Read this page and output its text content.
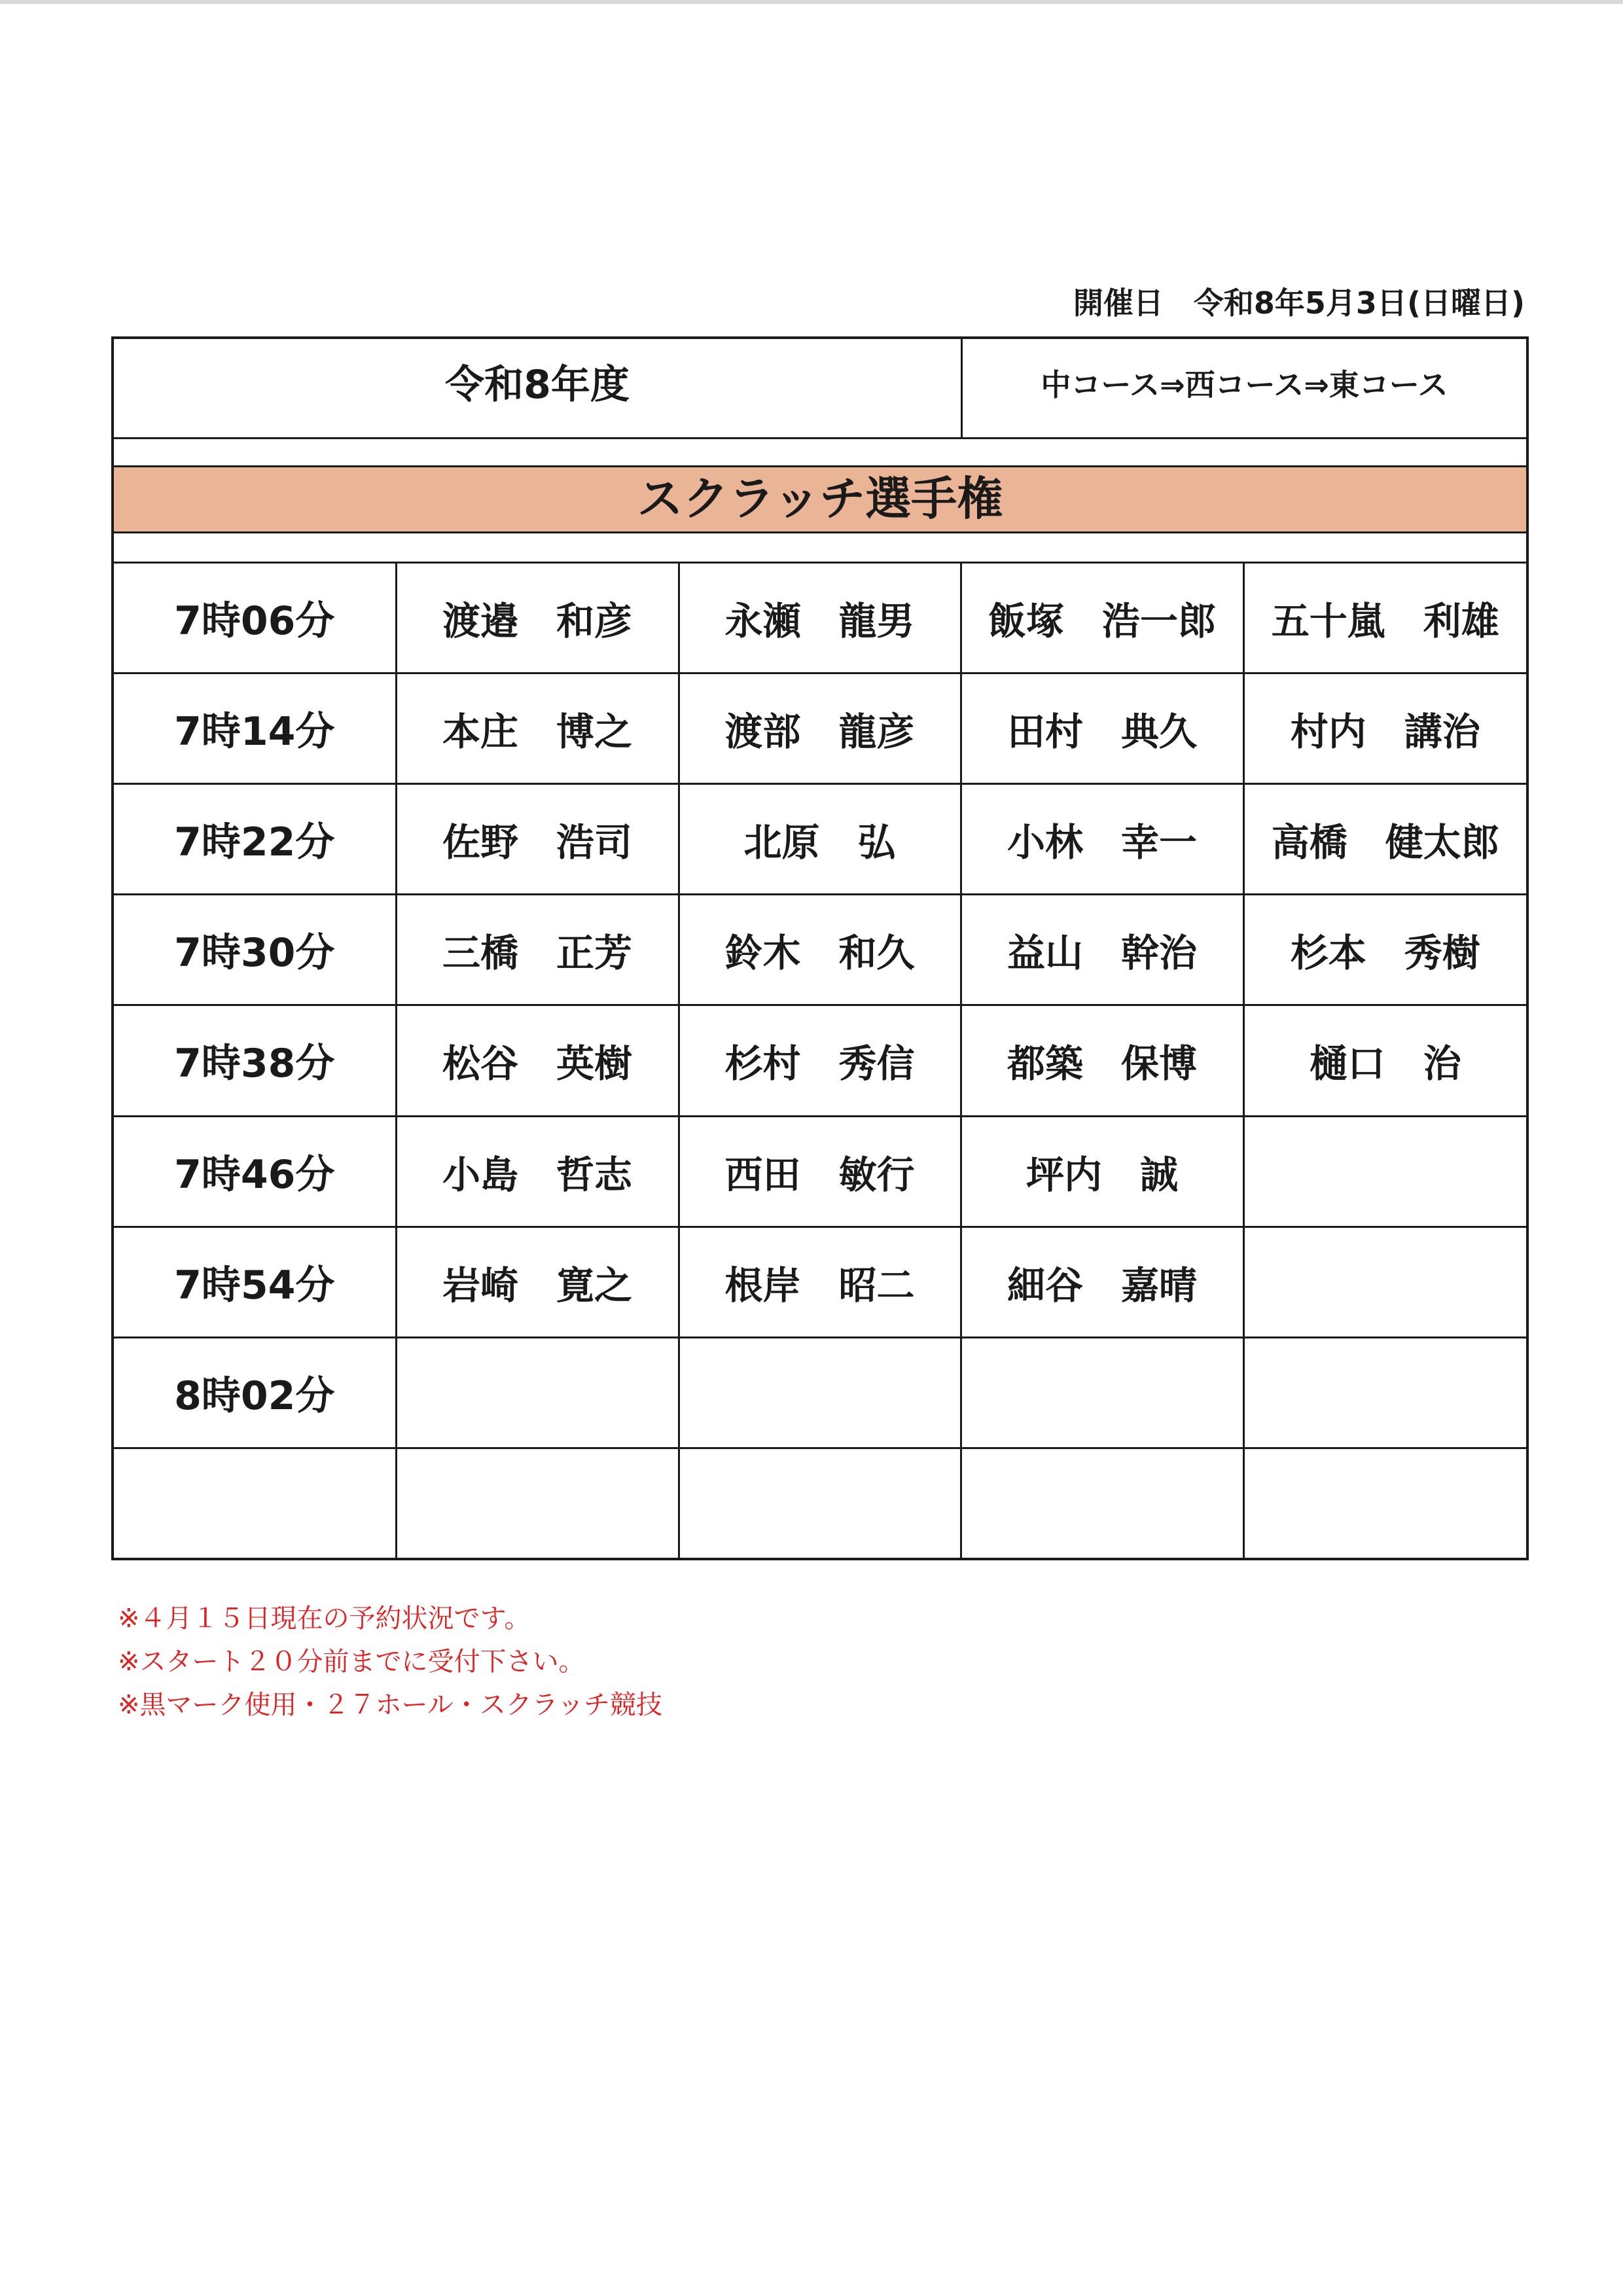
開催日　令和8年5月3日(日曜日)
令和8年度	中コース⇒西コース⇒東コース
スクラッチ選手権
7時06分	渡邉　和彦	永瀬　龍男	飯塚　浩一郎	五十嵐　利雄
7時14分	本庄　博之	渡部　龍彦	田村　典久	村内　講治
7時22分	佐野　浩司	北原　弘	小林　幸一	高橋　健太郎
7時30分	三橋　正芳	鈴木　和久	益山　幹治	杉本　秀樹
7時38分	松谷　英樹	杉村　秀信	都築　保博	樋口　治
7時46分	小島　哲志	西田　敏行	坪内　誠	
7時54分	岩崎　寛之	根岸　昭二	細谷　嘉晴	
8時02分				

※４月１５日現在の予約状況です。
※スタート２０分前までに受付下さい。
※黒マーク使用・２７ホール・スクラッチ競技
